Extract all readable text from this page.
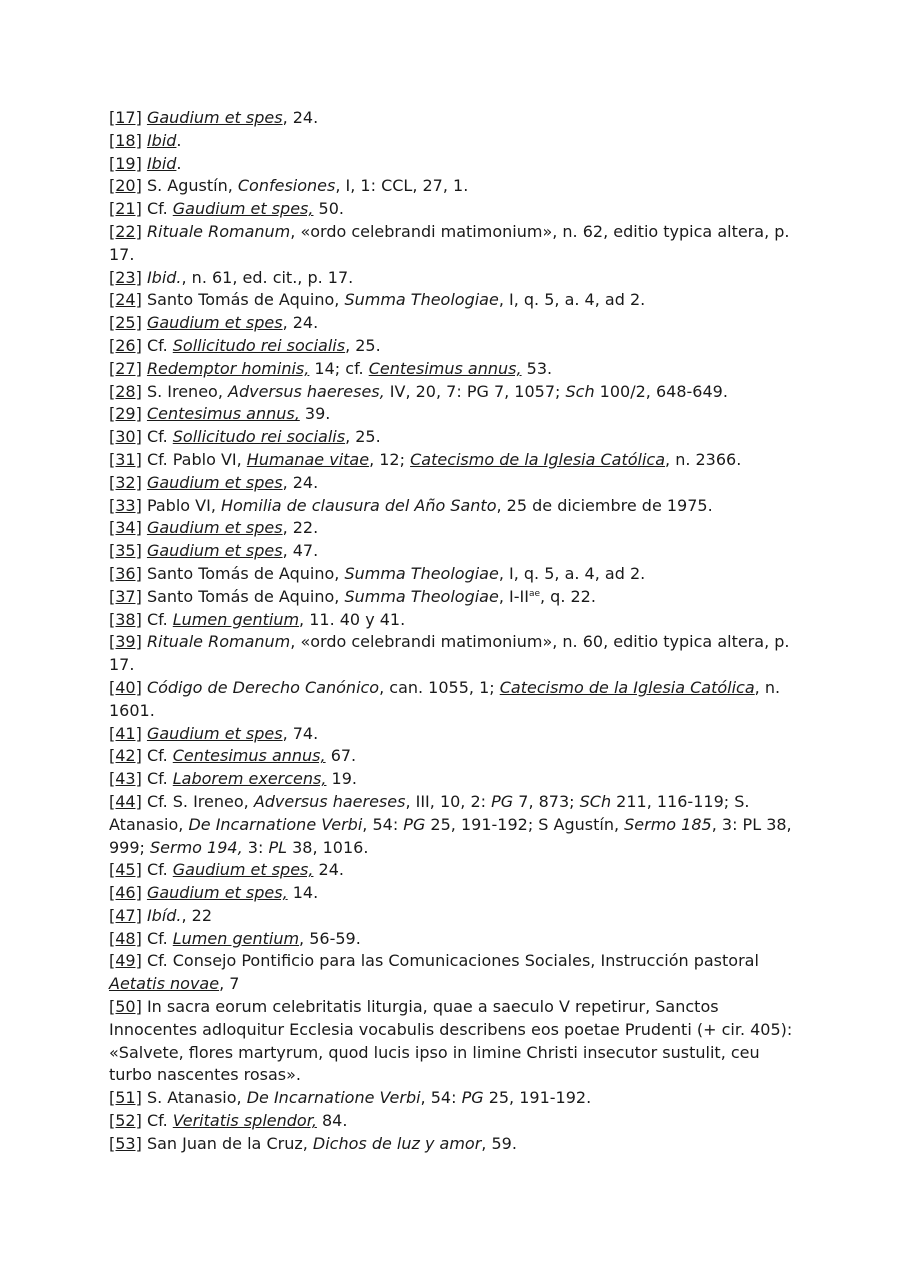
[17] Gaudium et spes, 24.

[18] Ibid.

[19] Ibid.

[20] S. Agustín, Confesiones, I, 1: CCL, 27, 1.

[21] Cf. Gaudium et spes, 50.

[22] Rituale Romanum, «ordo celebrandi matimonium», n. 62, editio typica altera, p. 17.

[23] Ibid., n. 61, ed. cit., p. 17.

[24] Santo Tomás de Aquino, Summa Theologiae, I, q. 5, a. 4, ad 2.

[25] Gaudium et spes, 24.

[26] Cf. Sollicitudo rei socialis, 25.

[27] Redemptor hominis, 14; cf. Centesimus annus, 53.

[28] S. Ireneo, Adversus haereses, IV, 20, 7: PG 7, 1057; Sch 100/2, 648-649.

[29] Centesimus annus, 39.

[30] Cf. Sollicitudo rei socialis, 25.

[31] Cf. Pablo VI, Humanae vitae, 12; Catecismo de la Iglesia Católica, n. 2366.

[32] Gaudium et spes, 24.

[33] Pablo VI, Homilia de clausura del Año Santo, 25 de diciembre de 1975.

[34] Gaudium et spes, 22.

[35] Gaudium et spes, 47.

[36] Santo Tomás de Aquino, Summa Theologiae, I, q. 5, a. 4, ad 2.

[37] Santo Tomás de Aquino, Summa Theologiae, $I-II^{ae}$, q. 22.

[38] Cf. Lumen gentium, 11. 40 y 41.

[39] Rituale Romanum, «ordo celebrandi matimonium», n. 60, editio typica altera, p. 17.

[40] Código de Derecho Canónico, can. 1055, 1; Catecismo de la Iglesia Católica, n. 1601.

[41] Gaudium et spes, 74.

[42] Cf. Centesimus annus, 67.

[43] Cf. Laborem exercens, 19.

[44] Cf. S. Ireneo, Adversus haereses, III, 10, 2: PG 7, 873; SCh 211, 116-119; S. Atanasio, De Incarnatione Verbi, 54: PG 25, 191-192; S Agustín, Sermo 185, 3: PL 38, 999; Sermo 194, 3: PL 38, 1016.

[45] Cf. Gaudium et spes, 24.

[46] Gaudium et spes, 14.

[47] Ibíd., 22

[48] Cf. Lumen gentium, 56-59.

[49] Cf. Consejo Pontificio para las Comunicaciones Sociales, Instrucción pastoral Aetatis novae, 7

[50] In sacra eorum celebritatis liturgia, quae a saeculo V repetirur, Sanctos Innocentes adloquitur Ecclesia vocabulis describens eos poetae Prudenti (+ cir. 405): «Salvete, flores martyrum, quod lucis ipso in limine Christi insecutor sustulit, ceu turbo nascentes rosas».

[51] S. Atanasio, De Incarnatione Verbi, 54: PG 25, 191-192.

[52] Cf. Veritatis splendor, 84.

[53] San Juan de la Cruz, Dichos de luz y amor, 59.
